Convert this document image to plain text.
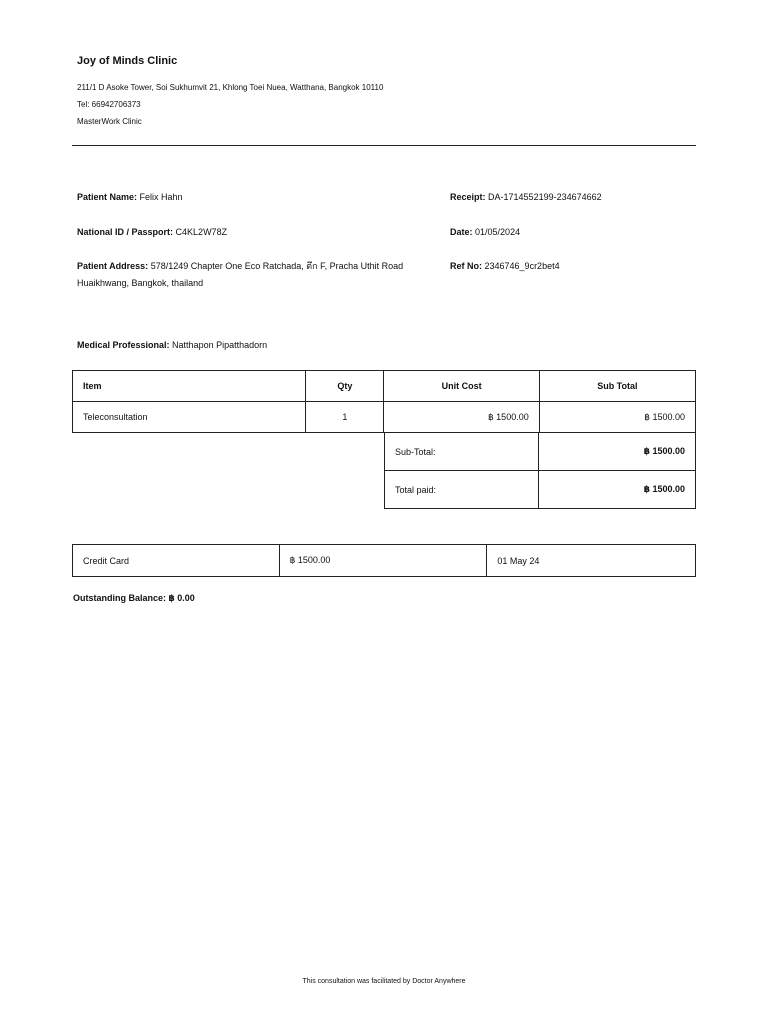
Joy of Minds Clinic
211/1 D Asoke Tower, Soi Sukhumvit 21, Khlong Toei Nuea, Watthana, Bangkok 10110
Tel: 66942706373
MasterWork Clinic
Patient Name: Felix Hahn
National ID / Passport: C4KL2W78Z
Patient Address: 578/1249 Chapter One Eco Ratchada, ตึก F, Pracha Uthit Road
Huaikhwang, Bangkok, thailand
Receipt: DA-1714552199-234674662
Date: 01/05/2024
Ref No: 2346746_9cr2bet4
Medical Professional: Natthapon Pipatthadorn
Item	Qty	Unit Cost	Sub Total
Teleconsultation	1	฿ 1500.00	฿ 1500.00
Sub-Total:	฿ 1500.00
Total paid:	฿ 1500.00
Credit Card	฿ 1500.00	01 May 24
Outstanding Balance: ฿ 0.00
This consultation was facilitated by Doctor Anywhere
